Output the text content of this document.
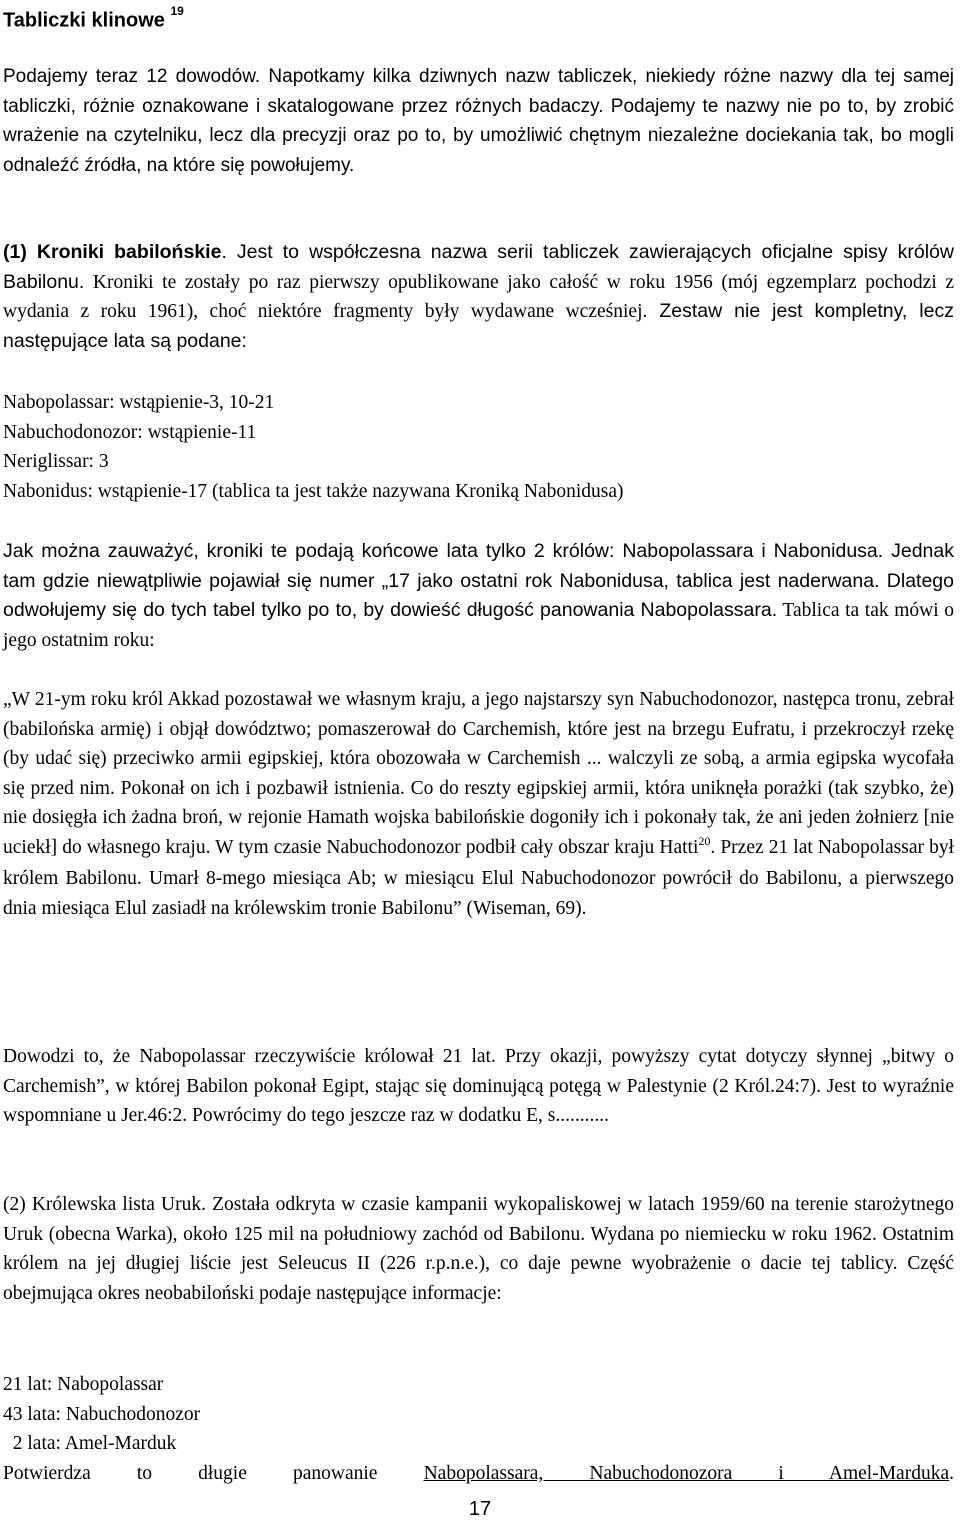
Tabliczki klinowe $^{19}$
Podajemy teraz 12 dowodów. Napotkamy kilka dziwnych nazw tabliczek, niekiedy różne nazwy dla tej samej tabliczki, różnie oznakowane i skatalogowane przez różnych badaczy. Podajemy te nazwy nie po to, by zrobić wrażenie na czytelniku, lecz dla precyzji oraz po to, by umożliwić chętnym niezależne dociekania tak, bo mogli odnaleźć źródła, na które się powołujemy.
(1) Kroniki babilońskie. Jest to współczesna nazwa serii tabliczek zawierających oficjalne spisy królów Babilonu. Kroniki te zostały po raz pierwszy opublikowane jako całość w roku 1956 (mój egzemplarz pochodzi z wydania z roku 1961), choć niektóre fragmenty były wydawane wcześniej. Zestaw nie jest kompletny, lecz następujące lata są podane:
Nabopolassar: wstąpienie-3, 10-21
Nabuchodonozor: wstąpienie-11
Neriglissar: 3
Nabonidus: wstąpienie-17 (tablica ta jest także nazywana Kroniką Nabonidusa)
Jak można zauważyć, kroniki te podają końcowe lata tylko 2 królów: Nabopolassara i Nabonidusa. Jednak tam gdzie niewątpliwie pojawiał się numer „17 jako ostatni rok Nabonidusa, tablica jest naderwana. Dlatego odwołujemy się do tych tabel tylko po to, by dowieść długość panowania Nabopolassara. Tablica ta tak mówi o jego ostatnim roku:
„W 21-ym roku król Akkad pozostawał we własnym kraju, a jego najstarszy syn Nabuchodonozor, następca tronu, zebrał (babilońska armię) i objął dowództwo; pomaszerował do Carchemish, które jest na brzegu Eufratu, i przekroczył rzekę (by udać się) przeciwko armii egipskiej, która obozowała w Carchemish ... walczyli ze sobą, a armia egipska wycofała się przed nim. Pokonał on ich i pozbawił istnienia. Co do reszty egipskiej armii, która uniknęła porażki (tak szybko, że) nie dosięgła ich żadna broń, w rejonie Hamath wojska babilońskie dogoniły ich i pokonały tak, że ani jeden żołnierz [nie uciekł] do własnego kraju. W tym czasie Nabuchodonozor podbił cały obszar kraju Hatti$^{20}$. Przez 21 lat Nabopolassar był królem Babilonu. Umarł 8-mego miesiąca Ab; w miesiącu Elul Nabuchodonozor powrócił do Babilonu, a pierwszego dnia miesiąca Elul zasiadł na królewskim tronie Babilonu” (Wiseman, 69).
Dowodzi to, że Nabopolassar rzeczywiście królował 21 lat. Przy okazji, powyższy cytat dotyczy słynnej „bitwy o Carchemish”, w której Babilon pokonał Egipt, stając się dominującą potęgą w Palestynie (2 Król.24:7). Jest to wyraźnie wspomniane u Jer.46:2. Powrócimy do tego jeszcze raz w dodatku E, s...........
(2) Królewska lista Uruk. Została odkryta w czasie kampanii wykopaliskowej w latach 1959/60 na terenie starożytnego Uruk (obecna Warka), około 125 mil na południowy zachód od Babilonu. Wydana po niemiecku w roku 1962. Ostatnim królem na jej długiej liście jest Seleucus II (226 r.p.n.e.), co daje pewne wyobrażenie o dacie tej tablicy. Część obejmująca okres neobabiloński podaje następujące informacje:
21 lat: Nabopolassar
43 lata: Nabuchodonozor
2 lata: Amel-Marduk
Potwierdza to długie panowanie Nabopolassara, Nabuchodonozora i Amel-Marduka.
17
